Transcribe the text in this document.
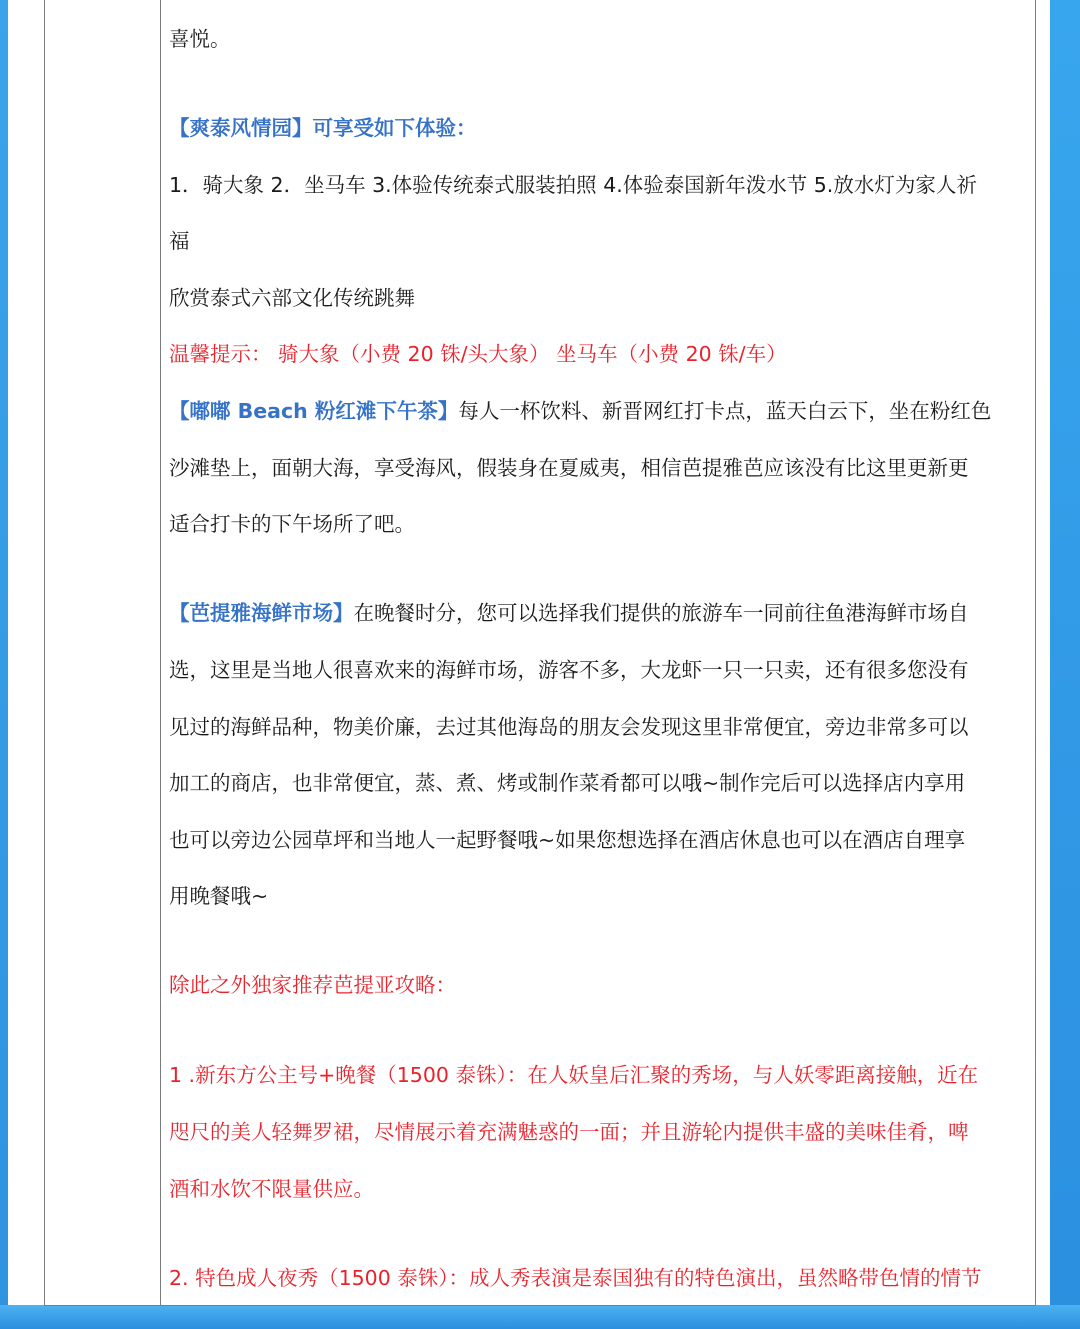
喜悦。
【爽泰风情园】可享受如下体验：
1．骑大象 2．坐马车 3.体验传统泰式服装拍照 4.体验泰国新年泼水节 5.放水灯为家人祈
福
欣赏泰式六部文化传统跳舞
温馨提示： 骑大象（小费 20 铢/头大象） 坐马车（小费 20 铢/车）
【嘟嘟 Beach 粉红滩下午茶】每人一杯饮料、新晋网红打卡点，蓝天白云下，坐在粉红色
沙滩垫上，面朝大海，享受海风，假装身在夏威夷，相信芭提雅芭应该没有比这里更新更
适合打卡的下午场所了吧。
【芭提雅海鲜市场】在晚餐时分，您可以选择我们提供的旅游车一同前往鱼港海鲜市场自
选，这里是当地人很喜欢来的海鲜市场，游客不多，大龙虾一只一只卖，还有很多您没有
见过的海鲜品种，物美价廉，去过其他海岛的朋友会发现这里非常便宜，旁边非常多可以
加工的商店，也非常便宜，蒸、煮、烤或制作菜肴都可以哦~制作完后可以选择店内享用
也可以旁边公园草坪和当地人一起野餐哦~如果您想选择在酒店休息也可以在酒店自理享
用晚餐哦~
除此之外独家推荐芭提亚攻略：
1 .新东方公主号+晚餐（1500 泰铢）：在人妖皇后汇聚的秀场，与人妖零距离接触，近在
咫尺的美人轻舞罗裙，尽情展示着充满魅惑的一面；并且游轮内提供丰盛的美味佳肴，啤
酒和水饮不限量供应。
2. 特色成人夜秀（1500 泰铢）：成人秀表演是泰国独有的特色演出，虽然略带色情的情节
